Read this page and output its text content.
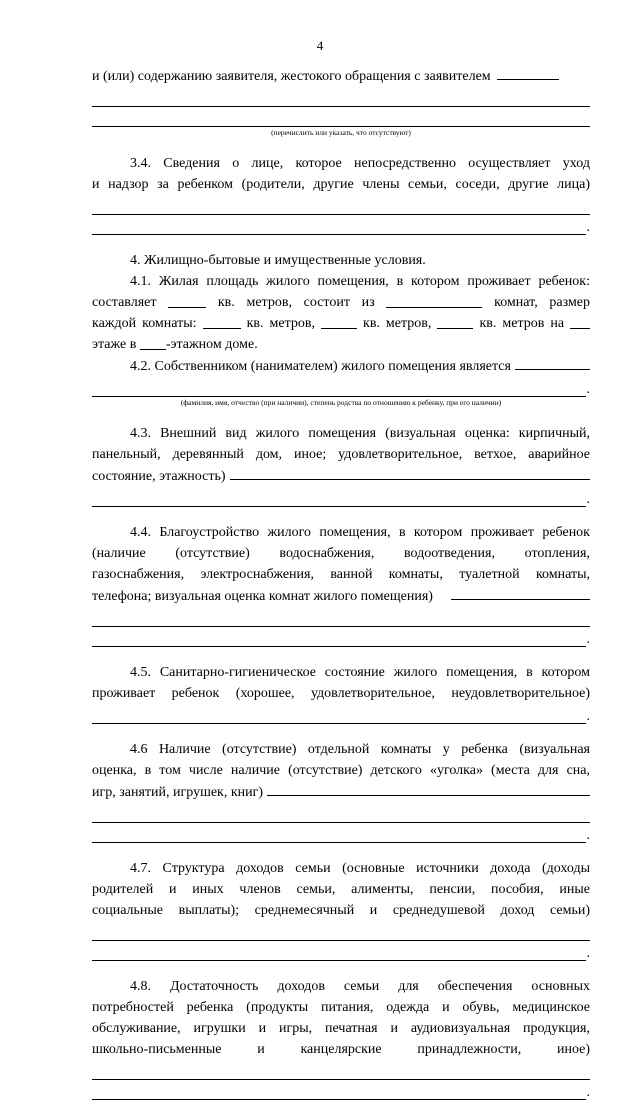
4
и (или) содержанию заявителя, жестокого обращения с заявителем
(перечислить или указать, что отсутствуют)

3.4. Сведения о лице, которое непосредственно осуществляет уход

и надзор за ребенком (родители, другие члены семьи, соседи, другие лица)

.

4. Жилищно-бытовые и имущественные условия.

4.1. Жилая площадь жилого помещения, в котором проживает ребенок:

составляет	кв. метров, состоит из	комнат, размер

каждой комнаты:	кв. метров,	кв. метров,	кв. метров на

этаже в -этажном доме.

4.2. Собственником (нанимателем) жилого помещения является
.
(фамилия, имя, отчество (при наличии), степень родства по отношению к ребенку, при его наличии)

4.3. Внешний вид жилого помещения (визуальная оценка: кирпичный,

панельный, деревянный дом, иное; удовлетворительное, ветхое, аварийное

состояние, этажность)
.

4.4. Благоустройство жилого помещения, в котором проживает ребенок

(наличие (отсутствие) водоснабжения, водоотведения, отопления,

газоснабжения, электроснабжения, ванной комнаты, туалетной комнаты,

телефона; визуальная оценка комнат жилого помещения)
.

4.5. Санитарно-гигиеническое состояние жилого помещения, в котором

проживает ребенок (хорошее, удовлетворительное, неудовлетворительное)

.

4.6 Наличие (отсутствие) отдельной комнаты у ребенка (визуальная

оценка, в том числе наличие (отсутствие) детского «уголка» (места для сна,

игр, занятий, игрушек, книг)
.

4.7. Структура доходов семьи (основные источники дохода (доходы

родителей и иных членов семьи, алименты, пенсии, пособия, иные

социальные выплаты); среднемесячный и среднедушевой доход семьи)

.

4.8. Достаточность доходов семьи для обеспечения основных

потребностей ребенка (продукты питания, одежда и обувь, медицинское

обслуживание, игрушки и игры, печатная и аудиовизуальная продукция,

школьно-письменные и канцелярские принадлежности, иное)

.
